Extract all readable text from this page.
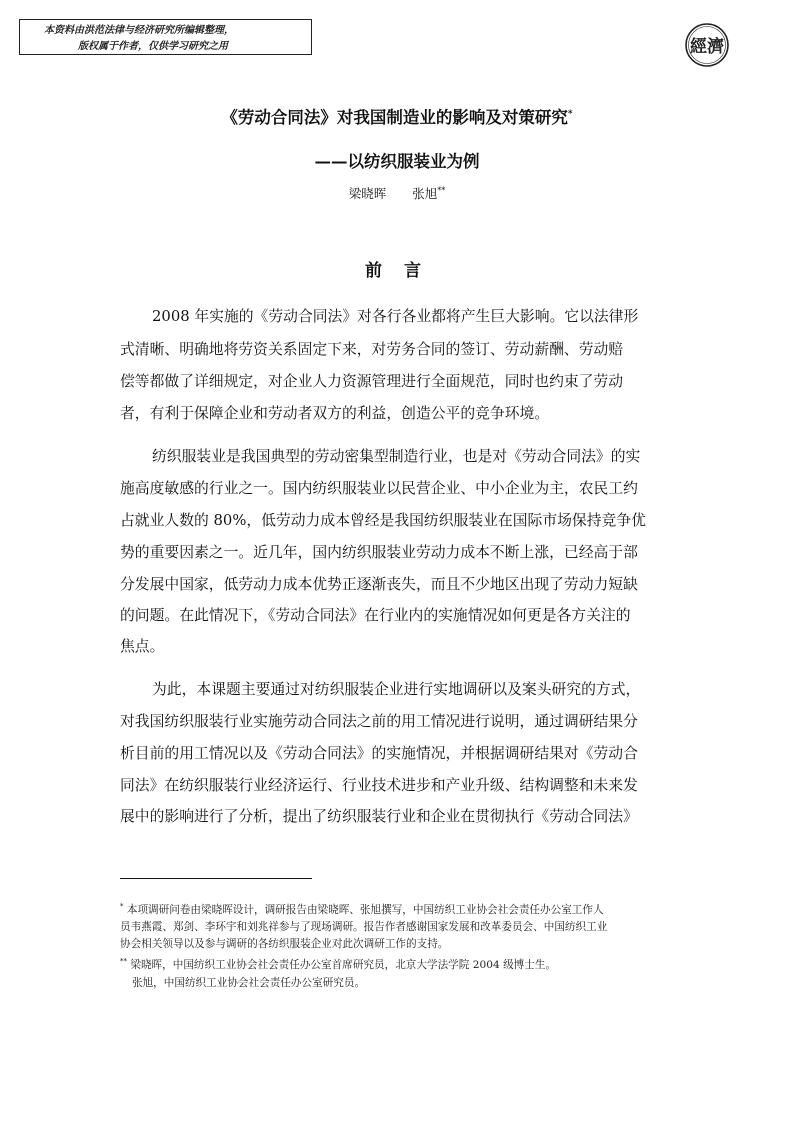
本资料由洪范法律与经济研究所编辑整理，
版权属于作者，仅供学习研究之用	經濟
《劳动合同法》对我国制造业的影响及对策研究*
——以纺织服装业为例
梁晓晖 张旭**
前 言
2008 年实施的《劳动合同法》对各行各业都将产生巨大影响。它以法律形
式清晰、明确地将劳资关系固定下来，对劳务合同的签订、劳动薪酬、劳动赔
偿等都做了详细规定，对企业人力资源管理进行全面规范，同时也约束了劳动
者，有利于保障企业和劳动者双方的利益，创造公平的竞争环境。
纺织服装业是我国典型的劳动密集型制造行业，也是对《劳动合同法》的实
施高度敏感的行业之一。国内纺织服装业以民营企业、中小企业为主，农民工约
占就业人数的 80%，低劳动力成本曾经是我国纺织服装业在国际市场保持竞争优
势的重要因素之一。近几年，国内纺织服装业劳动力成本不断上涨，已经高于部
分发展中国家，低劳动力成本优势正逐渐丧失，而且不少地区出现了劳动力短缺
的问题。在此情况下，《劳动合同法》在行业内的实施情况如何更是各方关注的
焦点。
为此，本课题主要通过对纺织服装企业进行实地调研以及案头研究的方式，
对我国纺织服装行业实施劳动合同法之前的用工情况进行说明，通过调研结果分
析目前的用工情况以及《劳动合同法》的实施情况，并根据调研结果对《劳动合
同法》在纺织服装行业经济运行、行业技术进步和产业升级、结构调整和未来发
展中的影响进行了分析，提出了纺织服装行业和企业在贯彻执行《劳动合同法》
* 本项调研问卷由梁晓晖设计，调研报告由梁晓晖、张旭撰写，中国纺织工业协会社会责任办公室工作人
员韦燕霞、郑剑、李环宇和刘兆祥参与了现场调研。报告作者感谢国家发展和改革委员会、中国纺织工业
协会相关领导以及参与调研的各纺织服装企业对此次调研工作的支持。
** 梁晓晖，中国纺织工业协会社会责任办公室首席研究员，北京大学法学院 2004 级博士生。
张旭，中国纺织工业协会社会责任办公室研究员。
